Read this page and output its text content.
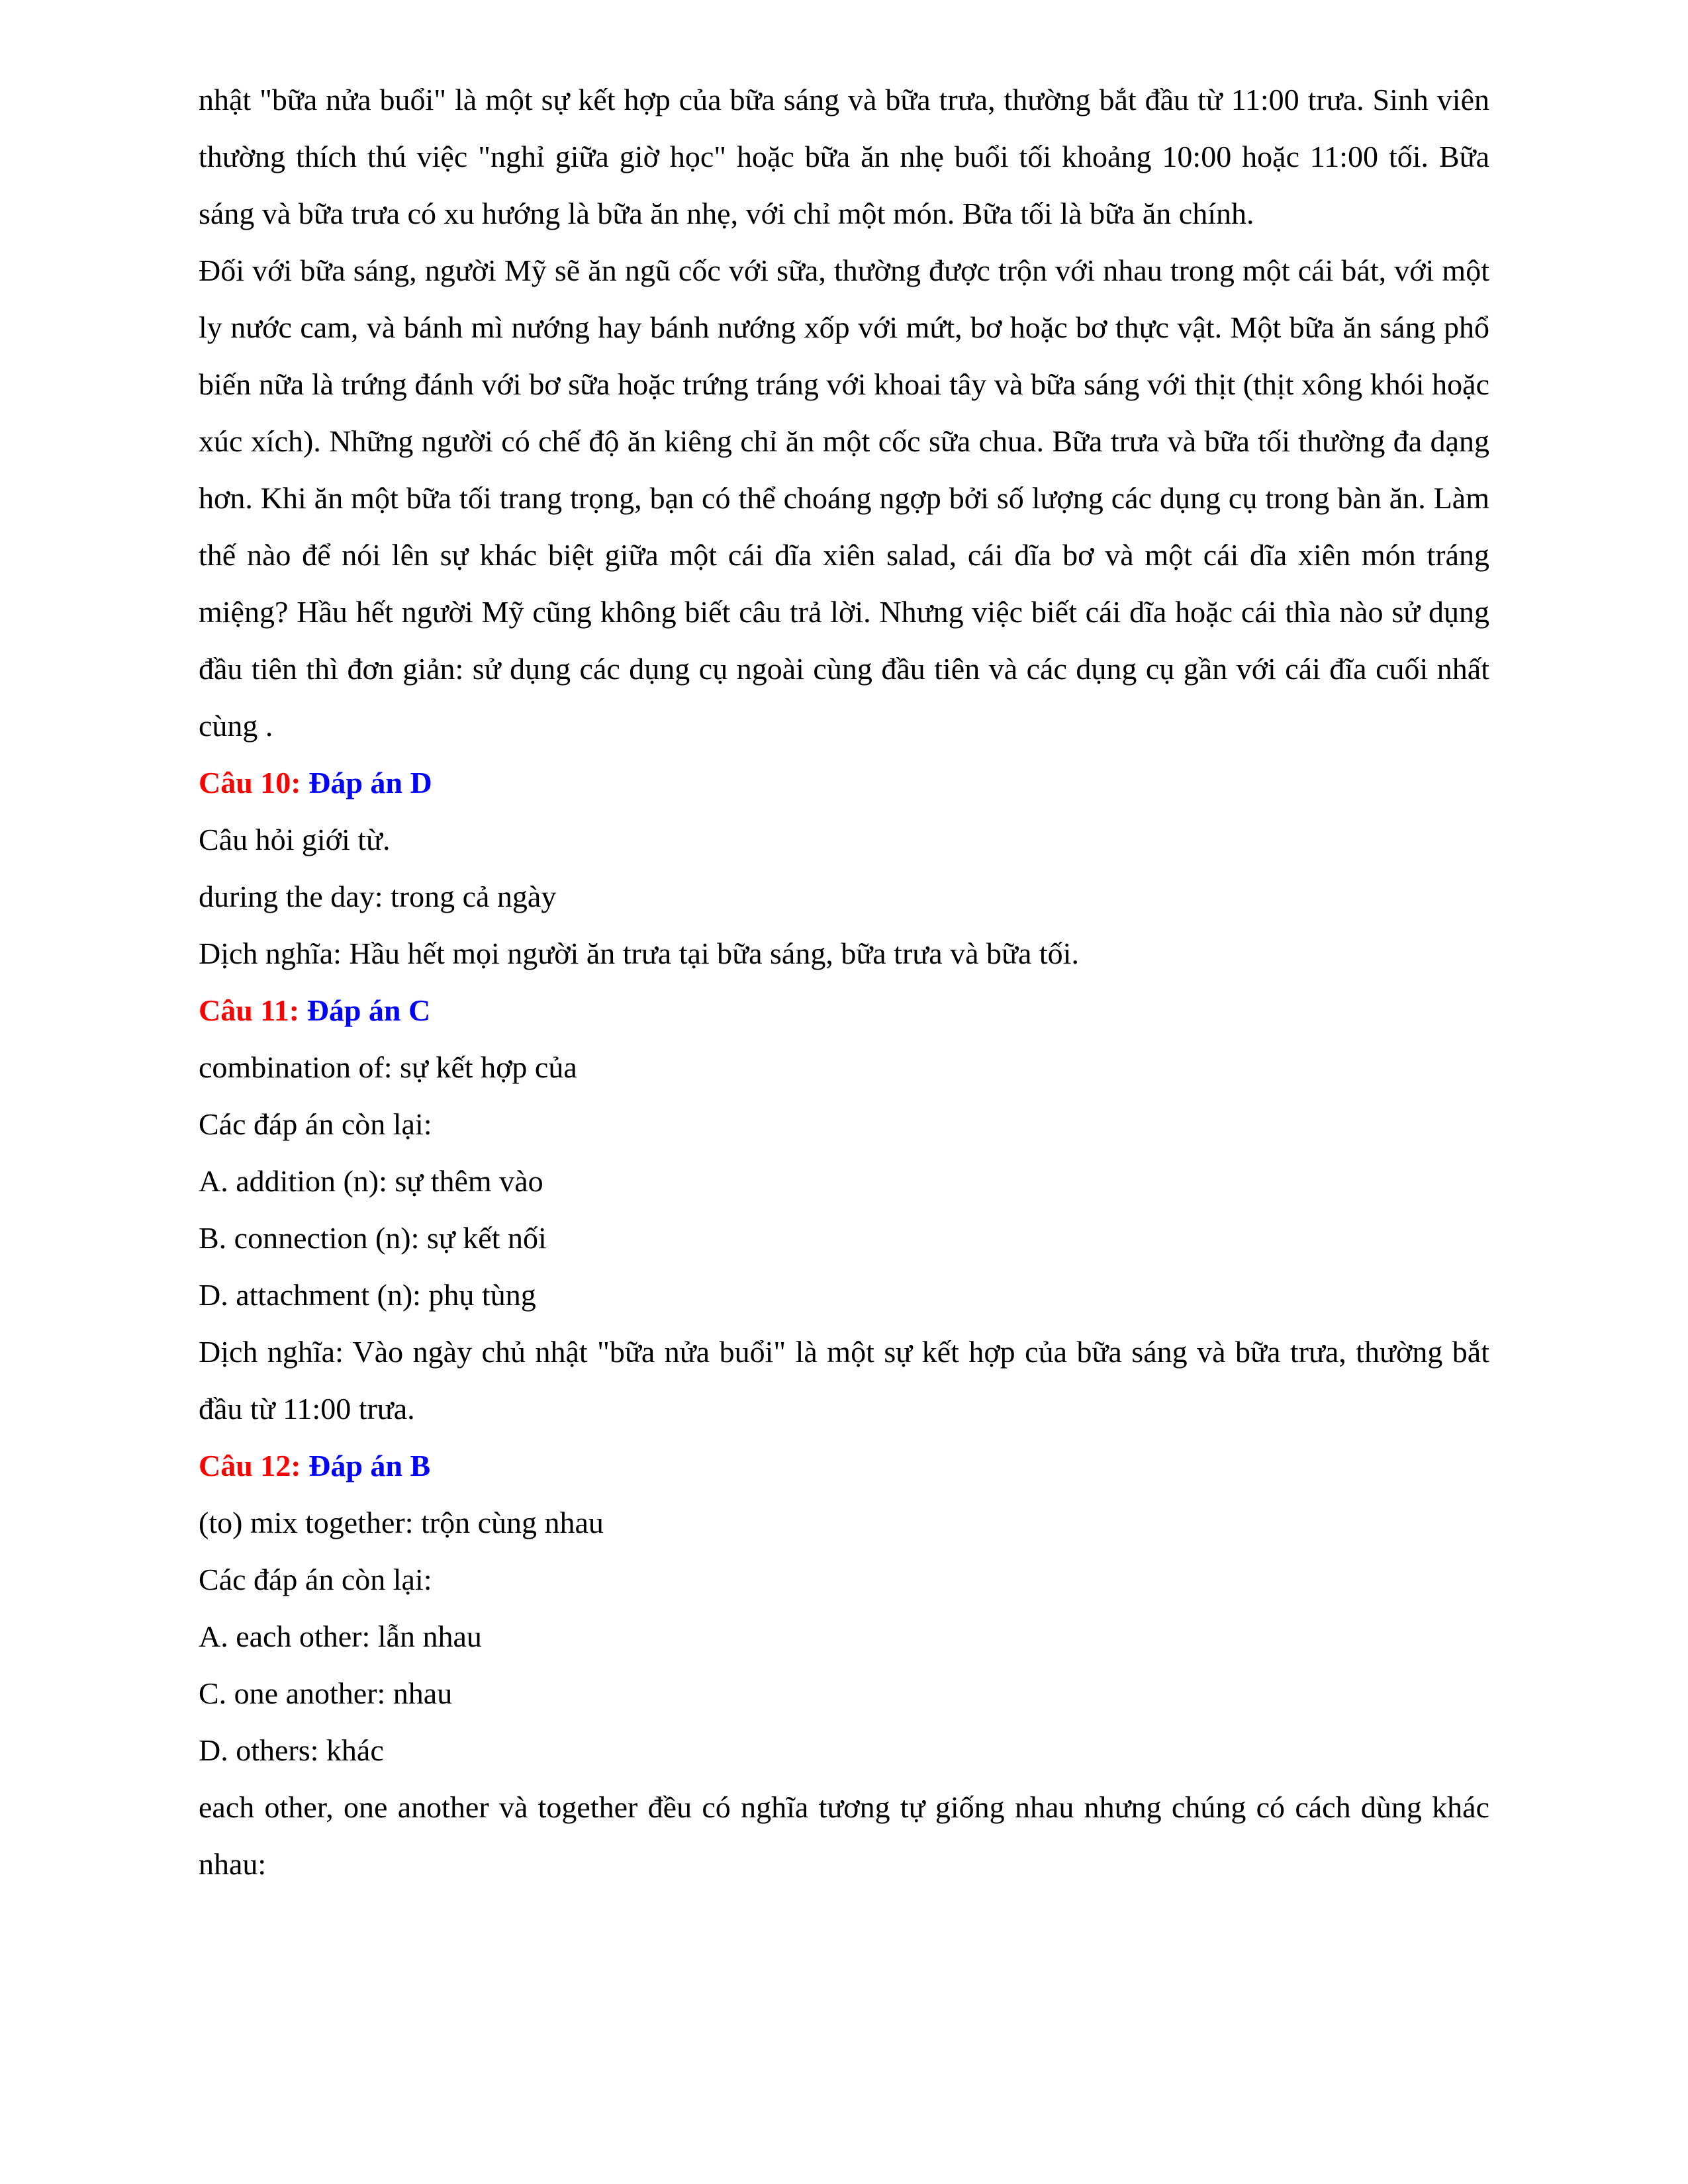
nhật "bữa nửa buổi" là một sự kết hợp của bữa sáng và bữa trưa, thường bắt đầu từ 11:00 trưa. Sinh viên thường thích thú việc "nghỉ giữa giờ học" hoặc bữa ăn nhẹ buổi tối khoảng 10:00 hoặc 11:00 tối. Bữa sáng và bữa trưa có xu hướng là bữa ăn nhẹ, với chỉ một món. Bữa tối là bữa ăn chính.

Đối với bữa sáng, người Mỹ sẽ ăn ngũ cốc với sữa, thường được trộn với nhau trong một cái bát, với một ly nước cam, và bánh mì nướng hay bánh nướng xốp với mứt, bơ hoặc bơ thực vật. Một bữa ăn sáng phổ biến nữa là trứng đánh với bơ sữa hoặc trứng tráng với khoai tây và bữa sáng với thịt (thịt xông khói hoặc xúc xích). Những người có chế độ ăn kiêng chỉ ăn một cốc sữa chua. Bữa trưa và bữa tối thường đa dạng hơn. Khi ăn một bữa tối trang trọng, bạn có thể choáng ngợp bởi số lượng các dụng cụ trong bàn ăn. Làm thế nào để nói lên sự khác biệt giữa một cái dĩa xiên salad, cái dĩa bơ và một cái dĩa xiên món tráng miệng? Hầu hết người Mỹ cũng không biết câu trả lời. Nhưng việc biết cái dĩa hoặc cái thìa nào sử dụng đầu tiên thì đơn giản: sử dụng các dụng cụ ngoài cùng đầu tiên và các dụng cụ gần với cái đĩa cuối nhất cùng .

Câu 10: Đáp án D

Câu hỏi giới từ.

during the day: trong cả ngày

Dịch nghĩa: Hầu hết mọi người ăn trưa tại bữa sáng, bữa trưa và bữa tối.

Câu 11: Đáp án C

combination of: sự kết hợp của

Các đáp án còn lại:

A. addition (n): sự thêm vào

B. connection (n): sự kết nối

D. attachment (n): phụ tùng

Dịch nghĩa: Vào ngày chủ nhật "bữa nửa buổi" là một sự kết hợp của bữa sáng và bữa trưa, thường bắt đầu từ 11:00 trưa.

Câu 12: Đáp án B

(to) mix together: trộn cùng nhau

Các đáp án còn lại:

A. each other: lẫn nhau

C. one another: nhau

D. others: khác

each other, one another và together đều có nghĩa tương tự giống nhau nhưng chúng có cách dùng khác nhau:
